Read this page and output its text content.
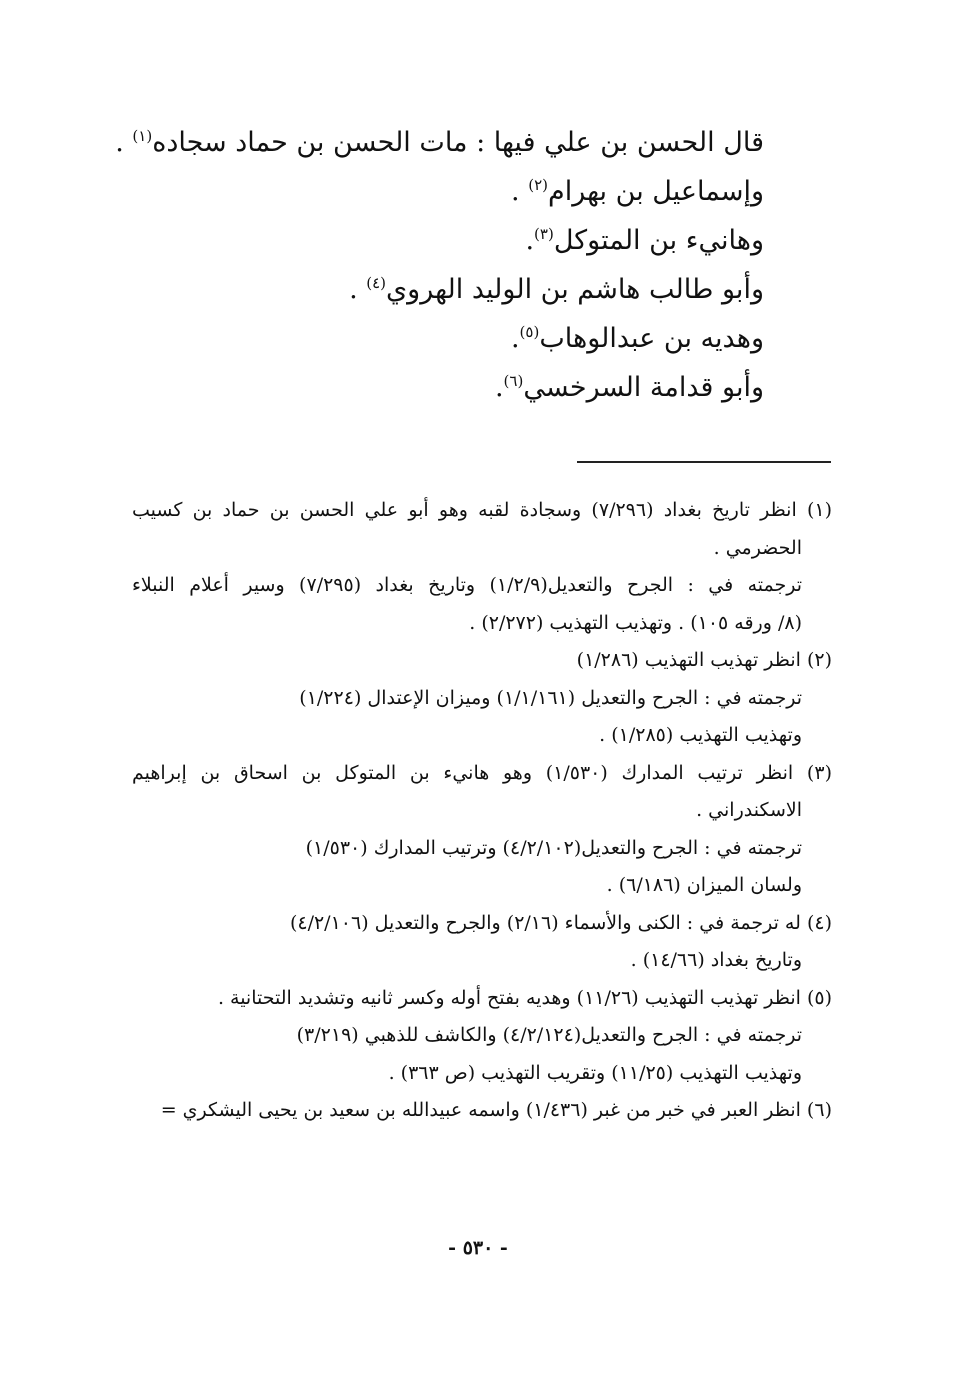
قال الحسن بن علي فيها : مات الحسن بن حماد سجاده$^{(١)}$ .
وإسماعيل بن بهرام$^{(٢)}$ .
وهانيء بن المتوكل$^{(٣)}$.
وأبو طالب هاشم بن الوليد الهروي$^{(٤)}$ .
وهديه بن عبدالوهاب$^{(٥)}$.
وأبو قدامة السرخسي$^{(٦)}$.
(١) انظر تاريخ بغداد (٧/٢٩٦) وسجادة لقبه وهو أبو علي الحسن بن حماد بن كسيب
الحضرمي .
ترجمته في : الجرح والتعديل(١/٢/٩) وتاريخ بغداد (٧/٢٩٥) وسير أعلام النبلاء
(٨/ ورقه ١٠٥) . وتهذيب التهذيب (٢/٢٧٢) .
(٢) انظر تهذيب التهذيب (١/٢٨٦)
ترجمته في : الجرح والتعديل (١/١/١٦١) وميزان الإعتدال (١/٢٢٤)
وتهذيب التهذيب (١/٢٨٥) .
(٣) انظر ترتيب المدارك (١/٥٣٠) وهو هانيء بن المتوكل بن اسحاق بن إبراهيم
الاسكندراني .
ترجمته في : الجرح والتعديل(٤/٢/١٠٢) وترتيب المدارك (١/٥٣٠)
ولسان الميزان (٦/١٨٦) .
(٤) له ترجمة في : الكنى والأسماء (٢/١٦) والجرح والتعديل (٤/٢/١٠٦)
وتاريخ بغداد (١٤/٦٦) .
(٥) انظر تهذيب التهذيب (١١/٢٦) وهديه بفتح أوله وكسر ثانيه وتشديد التحتانية .
ترجمته في : الجرح والتعديل(٤/٢/١٢٤) والكاشف للذهبي (٣/٢١٩)
وتهذيب التهذيب (١١/٢٥) وتقريب التهذيب (ص ٣٦٣) .
(٦) انظر العبر في خبر من غبر (١/٤٣٦) واسمه عبيدالله بن سعيد بن يحيى اليشكري =
- ٥٣٠ -
